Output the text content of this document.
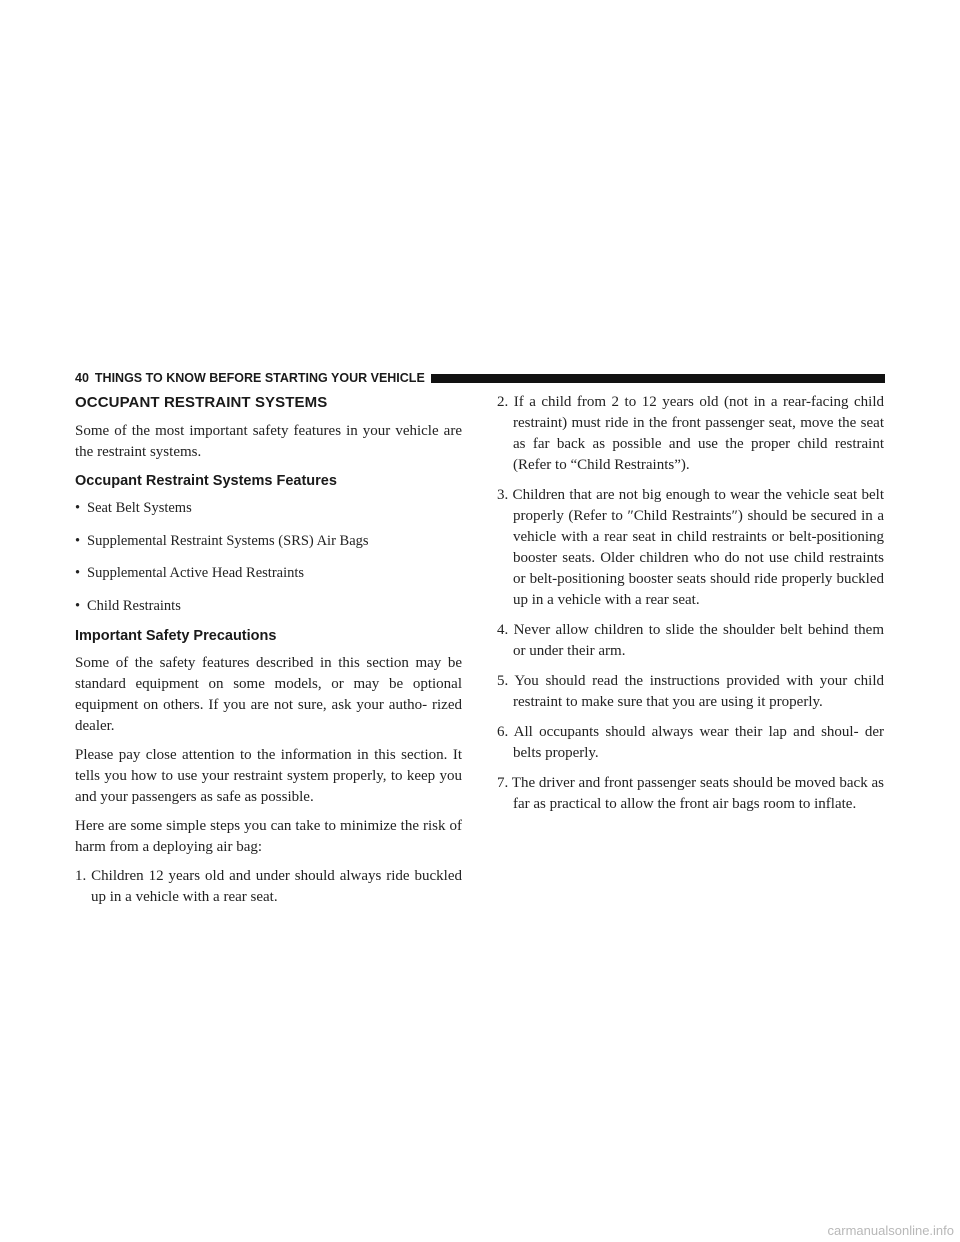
40 THINGS TO KNOW BEFORE STARTING YOUR VEHICLE
OCCUPANT RESTRAINT SYSTEMS

Some of the most important safety features in your vehicle are the restraint systems.

Occupant Restraint Systems Features
• Seat Belt Systems
• Supplemental Restraint Systems (SRS) Air Bags
• Supplemental Active Head Restraints
• Child Restraints
Important Safety Precautions

Some of the safety features described in this section may be standard equipment on some models, or may be optional equipment on others. If you are not sure, ask your autho- rized dealer.

Please pay close attention to the information in this section. It tells you how to use your restraint system properly, to keep you and your passengers as safe as possible.

Here are some simple steps you can take to minimize the risk of harm from a deploying air bag:

1. Children 12 years old and under should always ride buckled up in a vehicle with a rear seat.
2. If a child from 2 to 12 years old (not in a rear-facing child restraint) must ride in the front passenger seat, move the seat as far back as possible and use the proper child restraint (Refer to “Child Restraints”).
3. Children that are not big enough to wear the vehicle seat belt properly (Refer to ″Child Restraints″) should be secured in a vehicle with a rear seat in child restraints or belt-positioning booster seats. Older children who do not use child restraints or belt-positioning booster seats should ride properly buckled up in a vehicle with a rear seat.
4. Never allow children to slide the shoulder belt behind them or under their arm.
5. You should read the instructions provided with your child restraint to make sure that you are using it properly.
6. All occupants should always wear their lap and shoul- der belts properly.
7. The driver and front passenger seats should be moved back as far as practical to allow the front air bags room to inflate.
carmanualsonline.info
